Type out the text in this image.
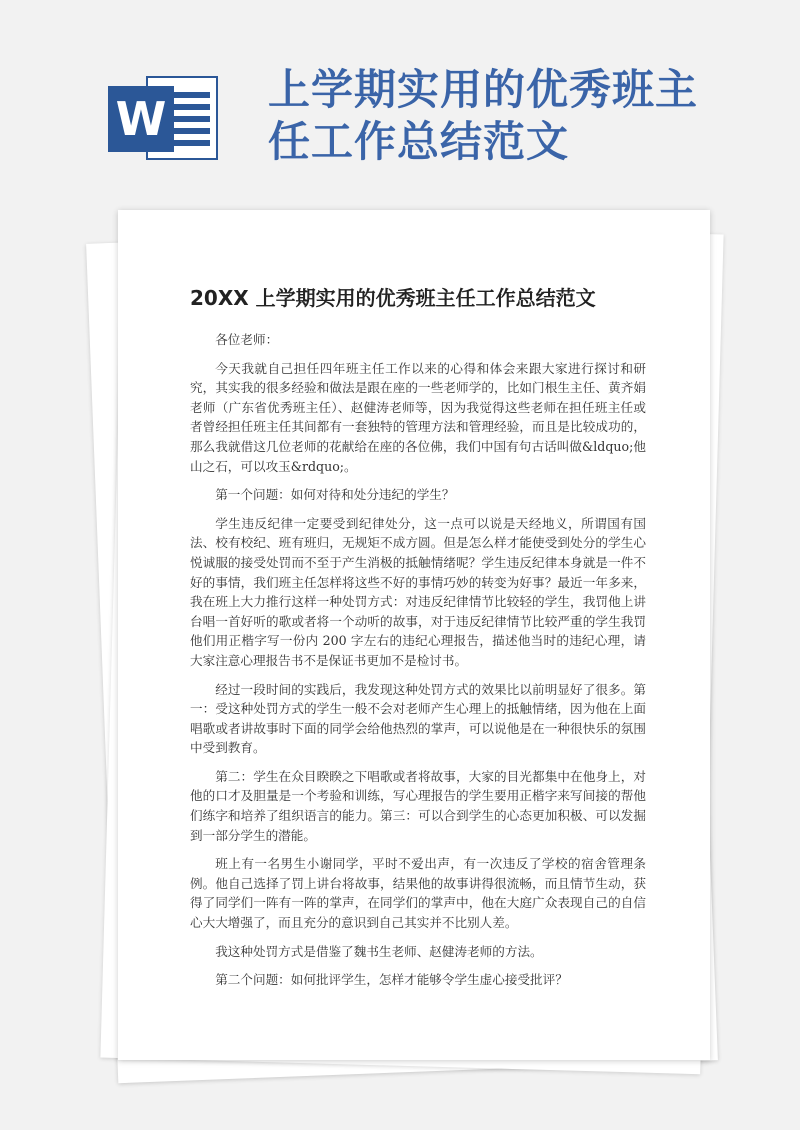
W
上学期实用的优秀班主任工作总结范文
20XX 上学期实用的优秀班主任工作总结范文

各位老师：

今天我就自己担任四年班主任工作以来的心得和体会来跟大家进行探讨和研究，其实我的很多经验和做法是跟在座的一些老师学的，比如门根生主任、黄齐娟老师（广东省优秀班主任）、赵健涛老师等，因为我觉得这些老师在担任班主任或者曾经担任班主任其间都有一套独特的管理方法和管理经验，而且是比较成功的，那么我就借这几位老师的花献给在座的各位佛，我们中国有句古话叫做&ldquo;他山之石，可以攻玉&rdquo;。

第一个问题：如何对待和处分违纪的学生？

学生违反纪律一定要受到纪律处分，这一点可以说是天经地义，所谓国有国法、校有校纪、班有班归，无规矩不成方圆。但是怎么样才能使受到处分的学生心悦诚服的接受处罚而不至于产生消极的抵触情绪呢？学生违反纪律本身就是一件不好的事情，我们班主任怎样将这些不好的事情巧妙的转变为好事？最近一年多来，我在班上大力推行这样一种处罚方式：对违反纪律情节比较轻的学生，我罚他上讲台唱一首好听的歌或者将一个动听的故事，对于违反纪律情节比较严重的学生我罚他们用正楷字写一份内 200 字左右的违纪心理报告，描述他当时的违纪心理，请大家注意心理报告书不是保证书更加不是检讨书。

经过一段时间的实践后，我发现这种处罚方式的效果比以前明显好了很多。第一：受这种处罚方式的学生一般不会对老师产生心理上的抵触情绪，因为他在上面唱歌或者讲故事时下面的同学会给他热烈的掌声，可以说他是在一种很快乐的氛围中受到教育。

第二：学生在众目睽睽之下唱歌或者将故事，大家的目光都集中在他身上，对他的口才及胆量是一个考验和训练，写心理报告的学生要用正楷字来写间接的帮他们练字和培养了组织语言的能力。第三：可以合到学生的心态更加积极、可以发掘到一部分学生的潜能。

班上有一名男生小谢同学，平时不爱出声，有一次违反了学校的宿舍管理条例。他自己选择了罚上讲台将故事，结果他的故事讲得很流畅，而且情节生动，获得了同学们一阵有一阵的掌声，在同学们的掌声中，他在大庭广众表现自己的自信心大大增强了，而且充分的意识到自己其实并不比别人差。

我这种处罚方式是借鉴了魏书生老师、赵健涛老师的方法。

第二个问题：如何批评学生，怎样才能够令学生虚心接受批评？
